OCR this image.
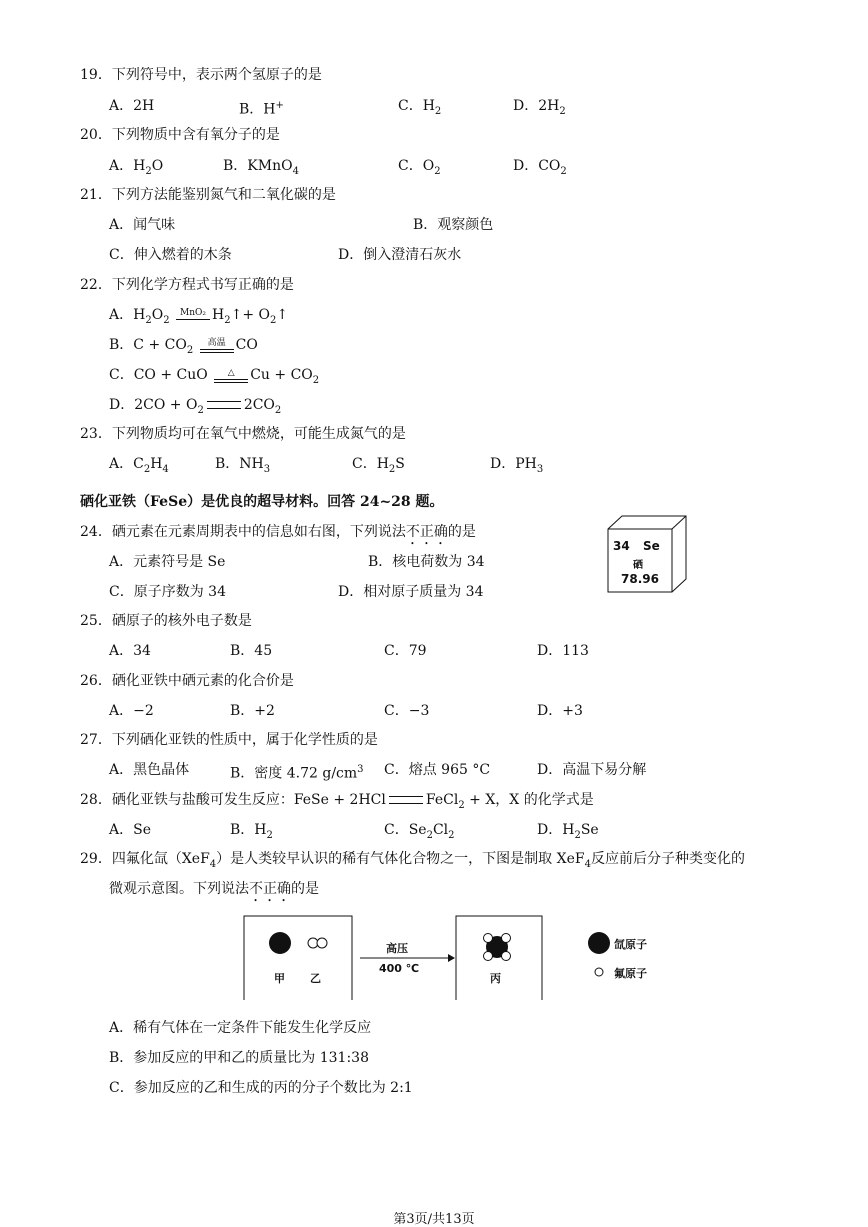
19．下列符号中，表示两个氢原子的是
A．2H	B．H+	C．$H_2$	D．$2H_2$
20．下列物质中含有氧分子的是
A．$H_2O$	B．KMnO$_4$	C．$O_2$	D．$CO_2$
21．下列方法能鉴别氮气和二氧化碳的是
A．闻气味	B．观察颜色
C．伸入燃着的木条	D．倒入澄清石灰水
22．下列化学方程式书写正确的是
A．$H_2O_2$ MnO₂ $H_2↑+$ $O_2↑$
B．$C + CO_2$ 高温 CO
C．CO + CuO △ $Cu + CO_2$
D．$2CO + O_2$	$2CO_2$
23．下列物质均可在氧气中燃烧，可能生成氮气的是
A．$C_2H_4$	B．$NH_3$	C．$H_2S$	D．$PH_3$
硒化亚铁（FeSe）是优良的超导材料。回答 24~28 题。
24．硒元素在元素周期表中的信息如右图，下列说法不正确的是
A．元素符号是 Se	B．核电荷数为 34
C．原子序数为 34	D．相对原子质量为 34
34 Se
硒
78.96
25．硒原子的核外电子数是
A．34	B．45	C．79	D．113
26．硒化亚铁中硒元素的化合价是
A．−2	B．+2	C．−3	D．+3
27．下列硒化亚铁的性质中，属于化学性质的是
A．黑色晶体	B．密度 4.72 $g/cm^3$ C．熔点 965 °C	D．高温下易分解
28．硒化亚铁与盐酸可发生反应：FeSe + 2HCl	FeCl$_2$ + X，X 的化学式是
A．Se	B．$H_2$	C．$Se_2Cl_2$	D．$H_2Se$
29．四氟化氙（XeF$_4$）是人类较早认识的稀有气体化合物之一，下图是制取 XeF$_4$反应前后分子种类变化的
微观示意图。下列说法不正确的是
甲 乙	丙
高压
400 ℃
氙原子
氟原子
A．稀有气体在一定条件下能发生化学反应
B．参加反应的甲和乙的质量比为 131:38
C．参加反应的乙和生成的丙的分子个数比为 2:1
第3页/共13页
